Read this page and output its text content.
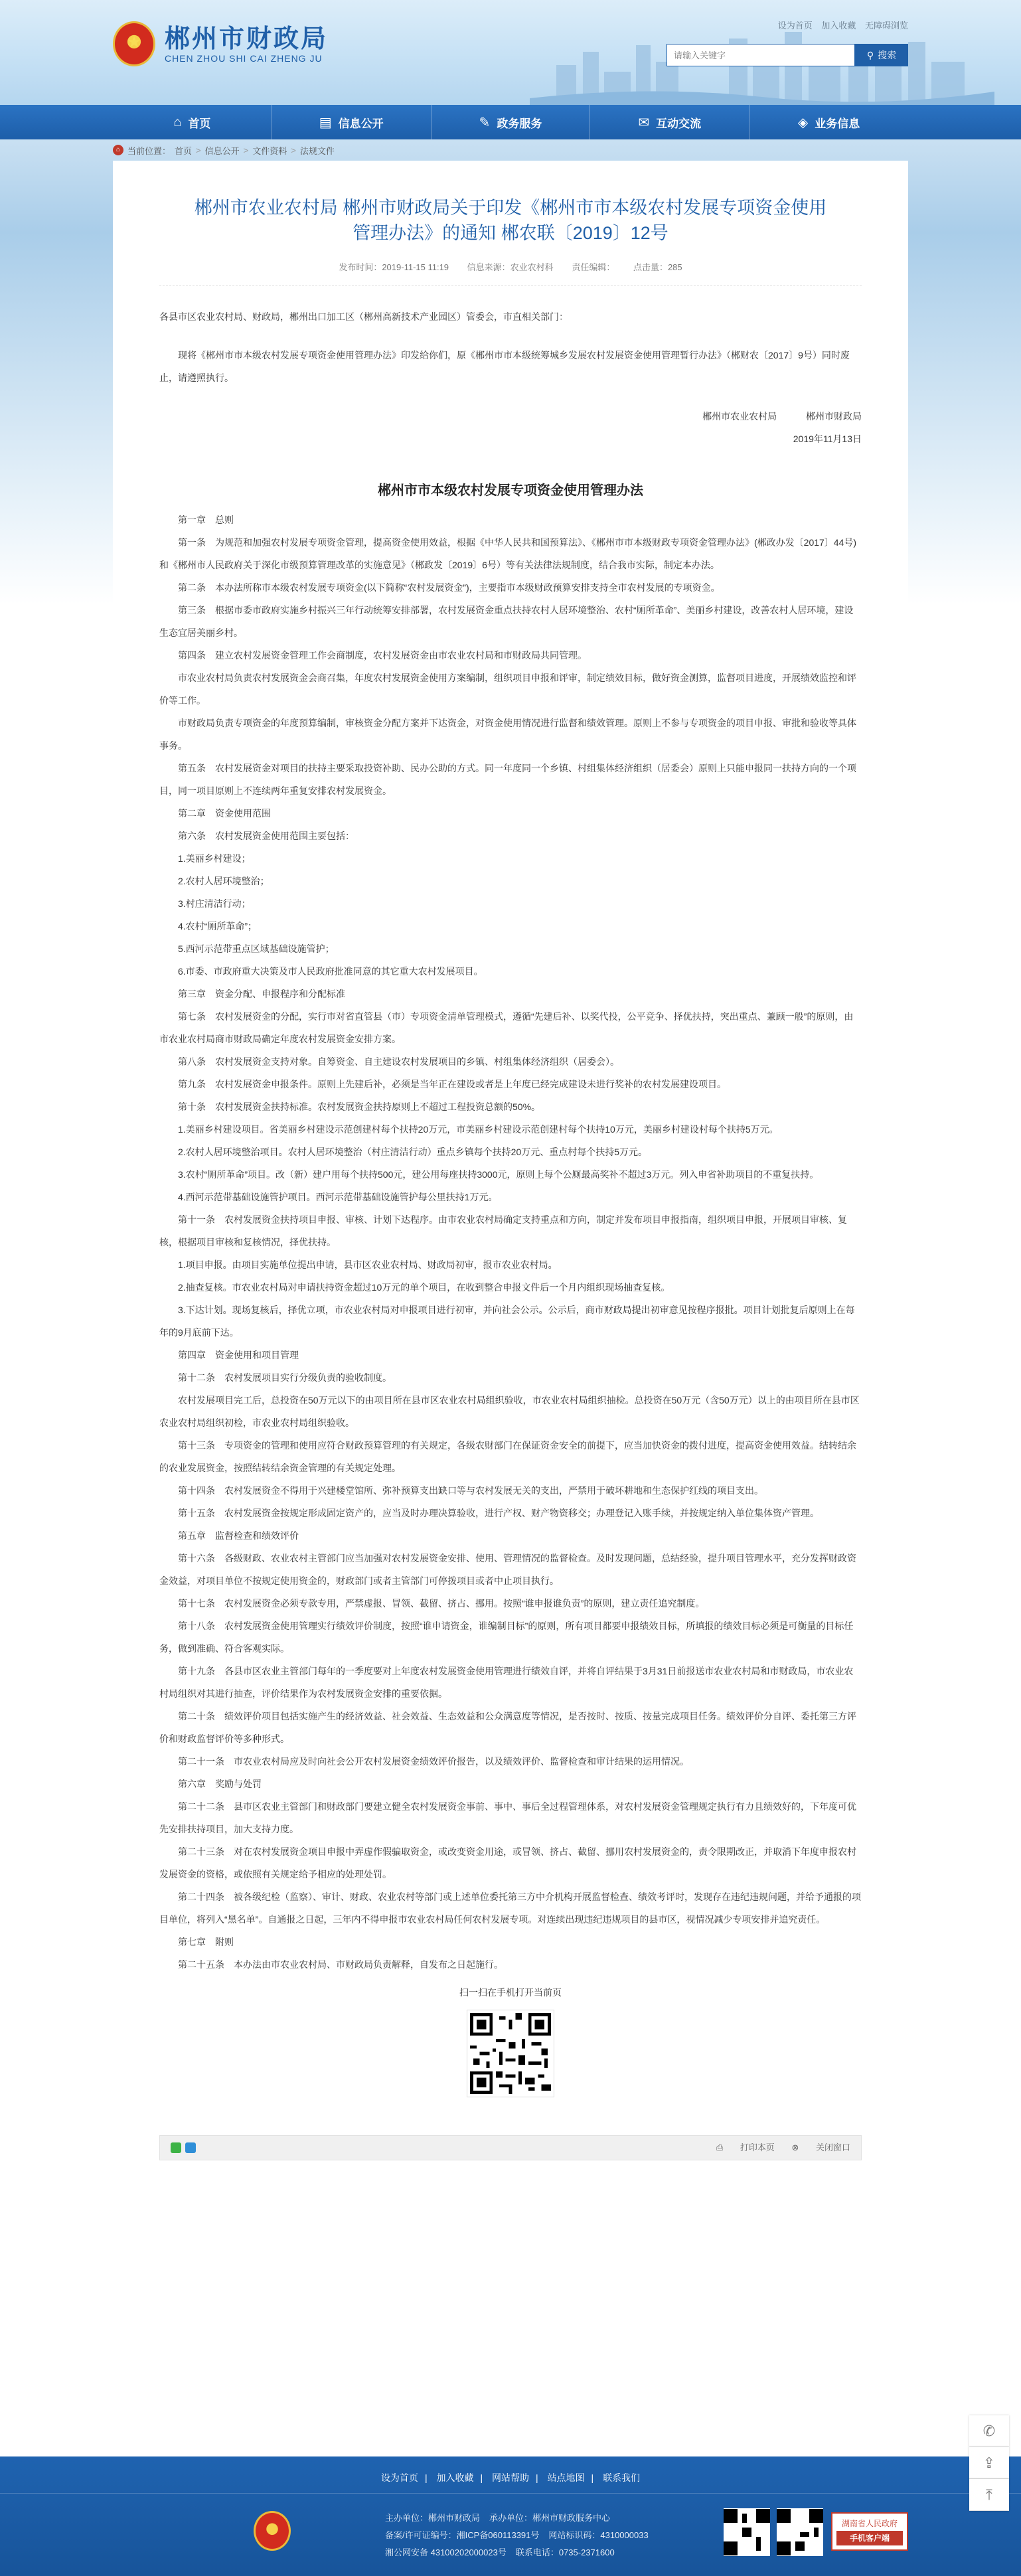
★
郴州市财政局
CHEN ZHOU SHI CAI ZHENG JU
设为首页 加入收藏 无障碍浏览
请输入关键字
⚲ 搜索
⌂ 首页	▤ 信息公开	✎ 政务服务	✉ 互动交流	◈ 业务信息
⌂ 当前位置： 首页 > 信息公开 > 文件资料 > 法规文件
郴州市农业农村局 郴州市财政局关于印发《郴州市市本级农村发展专项资金使用管理办法》的通知 郴农联〔2019〕12号
发布时间：2019-11-15 11:19 信息来源：农业农村科 责任编辑： 点击量：285

各县市区农业农村局、财政局，郴州出口加工区（郴州高新技术产业园区）管委会，市直相关部门：

现将《郴州市市本级农村发展专项资金使用管理办法》印发给你们，原《郴州市市本级统筹城乡发展农村发展资金使用管理暂行办法》（郴财农〔2017〕9号）同时废止，请遵照执行。

郴州市农业农村局	郴州市财政局
2019年11月13日
郴州市市本级农村发展专项资金使用管理办法

第一章　总则

第一条　为规范和加强农村发展专项资金管理，提高资金使用效益，根据《中华人民共和国预算法》、《郴州市市本级财政专项资金管理办法》(郴政办发〔2017〕44号)和《郴州市人民政府关于深化市级预算管理改革的实施意见》（郴政发〔2019〕6号）等有关法律法规制度，结合我市实际，制定本办法。

第二条　本办法所称市本级农村发展专项资金(以下简称“农村发展资金”)，主要指市本级财政预算安排支持全市农村发展的专项资金。

第三条　根据市委市政府实施乡村振兴三年行动统筹安排部署，农村发展资金重点扶持农村人居环境整治、农村“厕所革命”、美丽乡村建设，改善农村人居环境，建设生态宜居美丽乡村。

第四条　建立农村发展资金管理工作会商制度，农村发展资金由市农业农村局和市财政局共同管理。

市农业农村局负责农村发展资金会商召集，年度农村发展资金使用方案编制，组织项目申报和评审，制定绩效目标，做好资金测算，监督项目进度，开展绩效监控和评价等工作。

市财政局负责专项资金的年度预算编制，审核资金分配方案并下达资金，对资金使用情况进行监督和绩效管理。原则上不参与专项资金的项目申报、审批和验收等具体事务。

第五条　农村发展资金对项目的扶持主要采取投资补助、民办公助的方式。同一年度同一个乡镇、村组集体经济组织（居委会）原则上只能申报同一扶持方向的一个项目，同一项目原则上不连续两年重复安排农村发展资金。

第二章　资金使用范围

第六条　农村发展资金使用范围主要包括：

1.美丽乡村建设；

2.农村人居环境整治；

3.村庄清洁行动；

4.农村“厕所革命”；

5.西河示范带重点区域基础设施管护；

6.市委、市政府重大决策及市人民政府批准同意的其它重大农村发展项目。

第三章　资金分配、申报程序和分配标准

第七条　农村发展资金的分配，实行市对省直管县（市）专项资金清单管理模式，遵循“先建后补、以奖代投，公平竞争、择优扶持，突出重点、兼顾一般”的原则，由市农业农村局商市财政局确定年度农村发展资金安排方案。

第八条　农村发展资金支持对象。自筹资金、自主建设农村发展项目的乡镇、村组集体经济组织（居委会）。

第九条　农村发展资金申报条件。原则上先建后补，必须是当年正在建设或者是上年度已经完成建设未进行奖补的农村发展建设项目。

第十条　农村发展资金扶持标准。农村发展资金扶持原则上不超过工程投资总额的50%。

1.美丽乡村建设项目。省美丽乡村建设示范创建村每个扶持20万元，市美丽乡村建设示范创建村每个扶持10万元，美丽乡村建设村每个扶持5万元。

2.农村人居环境整治项目。农村人居环境整治（村庄清洁行动）重点乡镇每个扶持20万元、重点村每个扶持5万元。

3.农村“厕所革命”项目。改（新）建户用每个扶持500元，建公用每座扶持3000元，原则上每个公厕最高奖补不超过3万元。列入申省补助项目的不重复扶持。

4.西河示范带基础设施管护项目。西河示范带基础设施管护每公里扶持1万元。

第十一条　农村发展资金扶持项目申报、审核、计划下达程序。由市农业农村局确定支持重点和方向，制定并发布项目申报指南，组织项目申报，开展项目审核、复核，根据项目审核和复核情况，择优扶持。

1.项目申报。由项目实施单位提出申请，县市区农业农村局、财政局初审，报市农业农村局。

2.抽查复核。市农业农村局对申请扶持资金超过10万元的单个项目，在收到整合申报文件后一个月内组织现场抽查复核。

3.下达计划。现场复核后，择优立项，市农业农村局对申报项目进行初审，并向社会公示。公示后，商市财政局提出初审意见按程序报批。项目计划批复后原则上在每年的9月底前下达。

第四章　资金使用和项目管理

第十二条　农村发展项目实行分级负责的验收制度。

农村发展项目完工后，总投资在50万元以下的由项目所在县市区农业农村局组织验收，市农业农村局组织抽检。总投资在50万元（含50万元）以上的由项目所在县市区农业农村局组织初检，市农业农村局组织验收。

第十三条　专项资金的管理和使用应符合财政预算管理的有关规定，各级农财部门在保证资金安全的前提下，应当加快资金的拨付进度，提高资金使用效益。结转结余的农业发展资金，按照结转结余资金管理的有关规定处理。

第十四条　农村发展资金不得用于兴建楼堂馆所、弥补预算支出缺口等与农村发展无关的支出，严禁用于破坏耕地和生态保护红线的项目支出。

第十五条　农村发展资金按规定形成固定资产的，应当及时办理决算验收，进行产权、财产物资移交；办理登记入账手续，并按规定纳入单位集体资产管理。

第五章　监督检查和绩效评价

第十六条　各级财政、农业农村主管部门应当加强对农村发展资金安排、使用、管理情况的监督检查。及时发现问题，总结经验，提升项目管理水平，充分发挥财政资金效益，对项目单位不按规定使用资金的，财政部门或者主管部门可停拨项目或者中止项目执行。

第十七条　农村发展资金必须专款专用，严禁虚报、冒领、截留、挤占、挪用。按照“谁申报谁负责”的原则，建立责任追究制度。

第十八条　农村发展资金使用管理实行绩效评价制度，按照“谁申请资金，谁编制目标”的原则，所有项目都要申报绩效目标，所填报的绩效目标必须是可衡量的目标任务，做到准确、符合客观实际。

第十九条　各县市区农业主管部门每年的一季度要对上年度农村发展资金使用管理进行绩效自评，并将自评结果于3月31日前报送市农业农村局和市财政局，市农业农村局组织对其进行抽查，评价结果作为农村发展资金安排的重要依据。

第二十条　绩效评价项目包括实施产生的经济效益、社会效益、生态效益和公众满意度等情况，是否按时、按质、按量完成项目任务。绩效评价分自评、委托第三方评价和财政监督评价等多种形式。

第二十一条　市农业农村局应及时向社会公开农村发展资金绩效评价报告，以及绩效评价、监督检查和审计结果的运用情况。

第六章　奖励与处罚

第二十二条　县市区农业主管部门和财政部门要建立健全农村发展资金事前、事中、事后全过程管理体系，对农村发展资金管理规定执行有力且绩效好的，下年度可优先安排扶持项目，加大支持力度。

第二十三条　对在农村发展资金项目申报中弄虚作假骗取资金，或改变资金用途，或冒领、挤占、截留、挪用农村发展资金的，责令限期改正，并取消下年度申报农村发展资金的资格，或依照有关规定给予相应的处理处罚。

第二十四条　被各级纪检（监察）、审计、财政、农业农村等部门或上述单位委托第三方中介机构开展监督检查、绩效考评时，发现存在违纪违规问题，并给予通报的项目单位，将列入“黑名单”。自通报之日起，三年内不得申报市农业农村局任何农村发展专项。对连续出现违纪违规项目的县市区，视情况减少专项安排并追究责任。

第七章　附则

第二十五条　本办法由市农业农村局、市财政局负责解释，自发布之日起施行。

扫一扫在手机打开当前页
⎙ 打印本页 ⊗ 关闭窗口
✆
⇪
⤒
设为首页 | 加入收藏 | 网站帮助 | 站点地图 | 联系我们
主办单位：郴州市财政局 承办单位：郴州市财政服务中心
备案/许可证编号：湘ICP备060113391号 网站标识码：4310000033
湘公网安备 43100202000023号 联系电话：0735-2371600
湖南省人民政府
手机客户端
